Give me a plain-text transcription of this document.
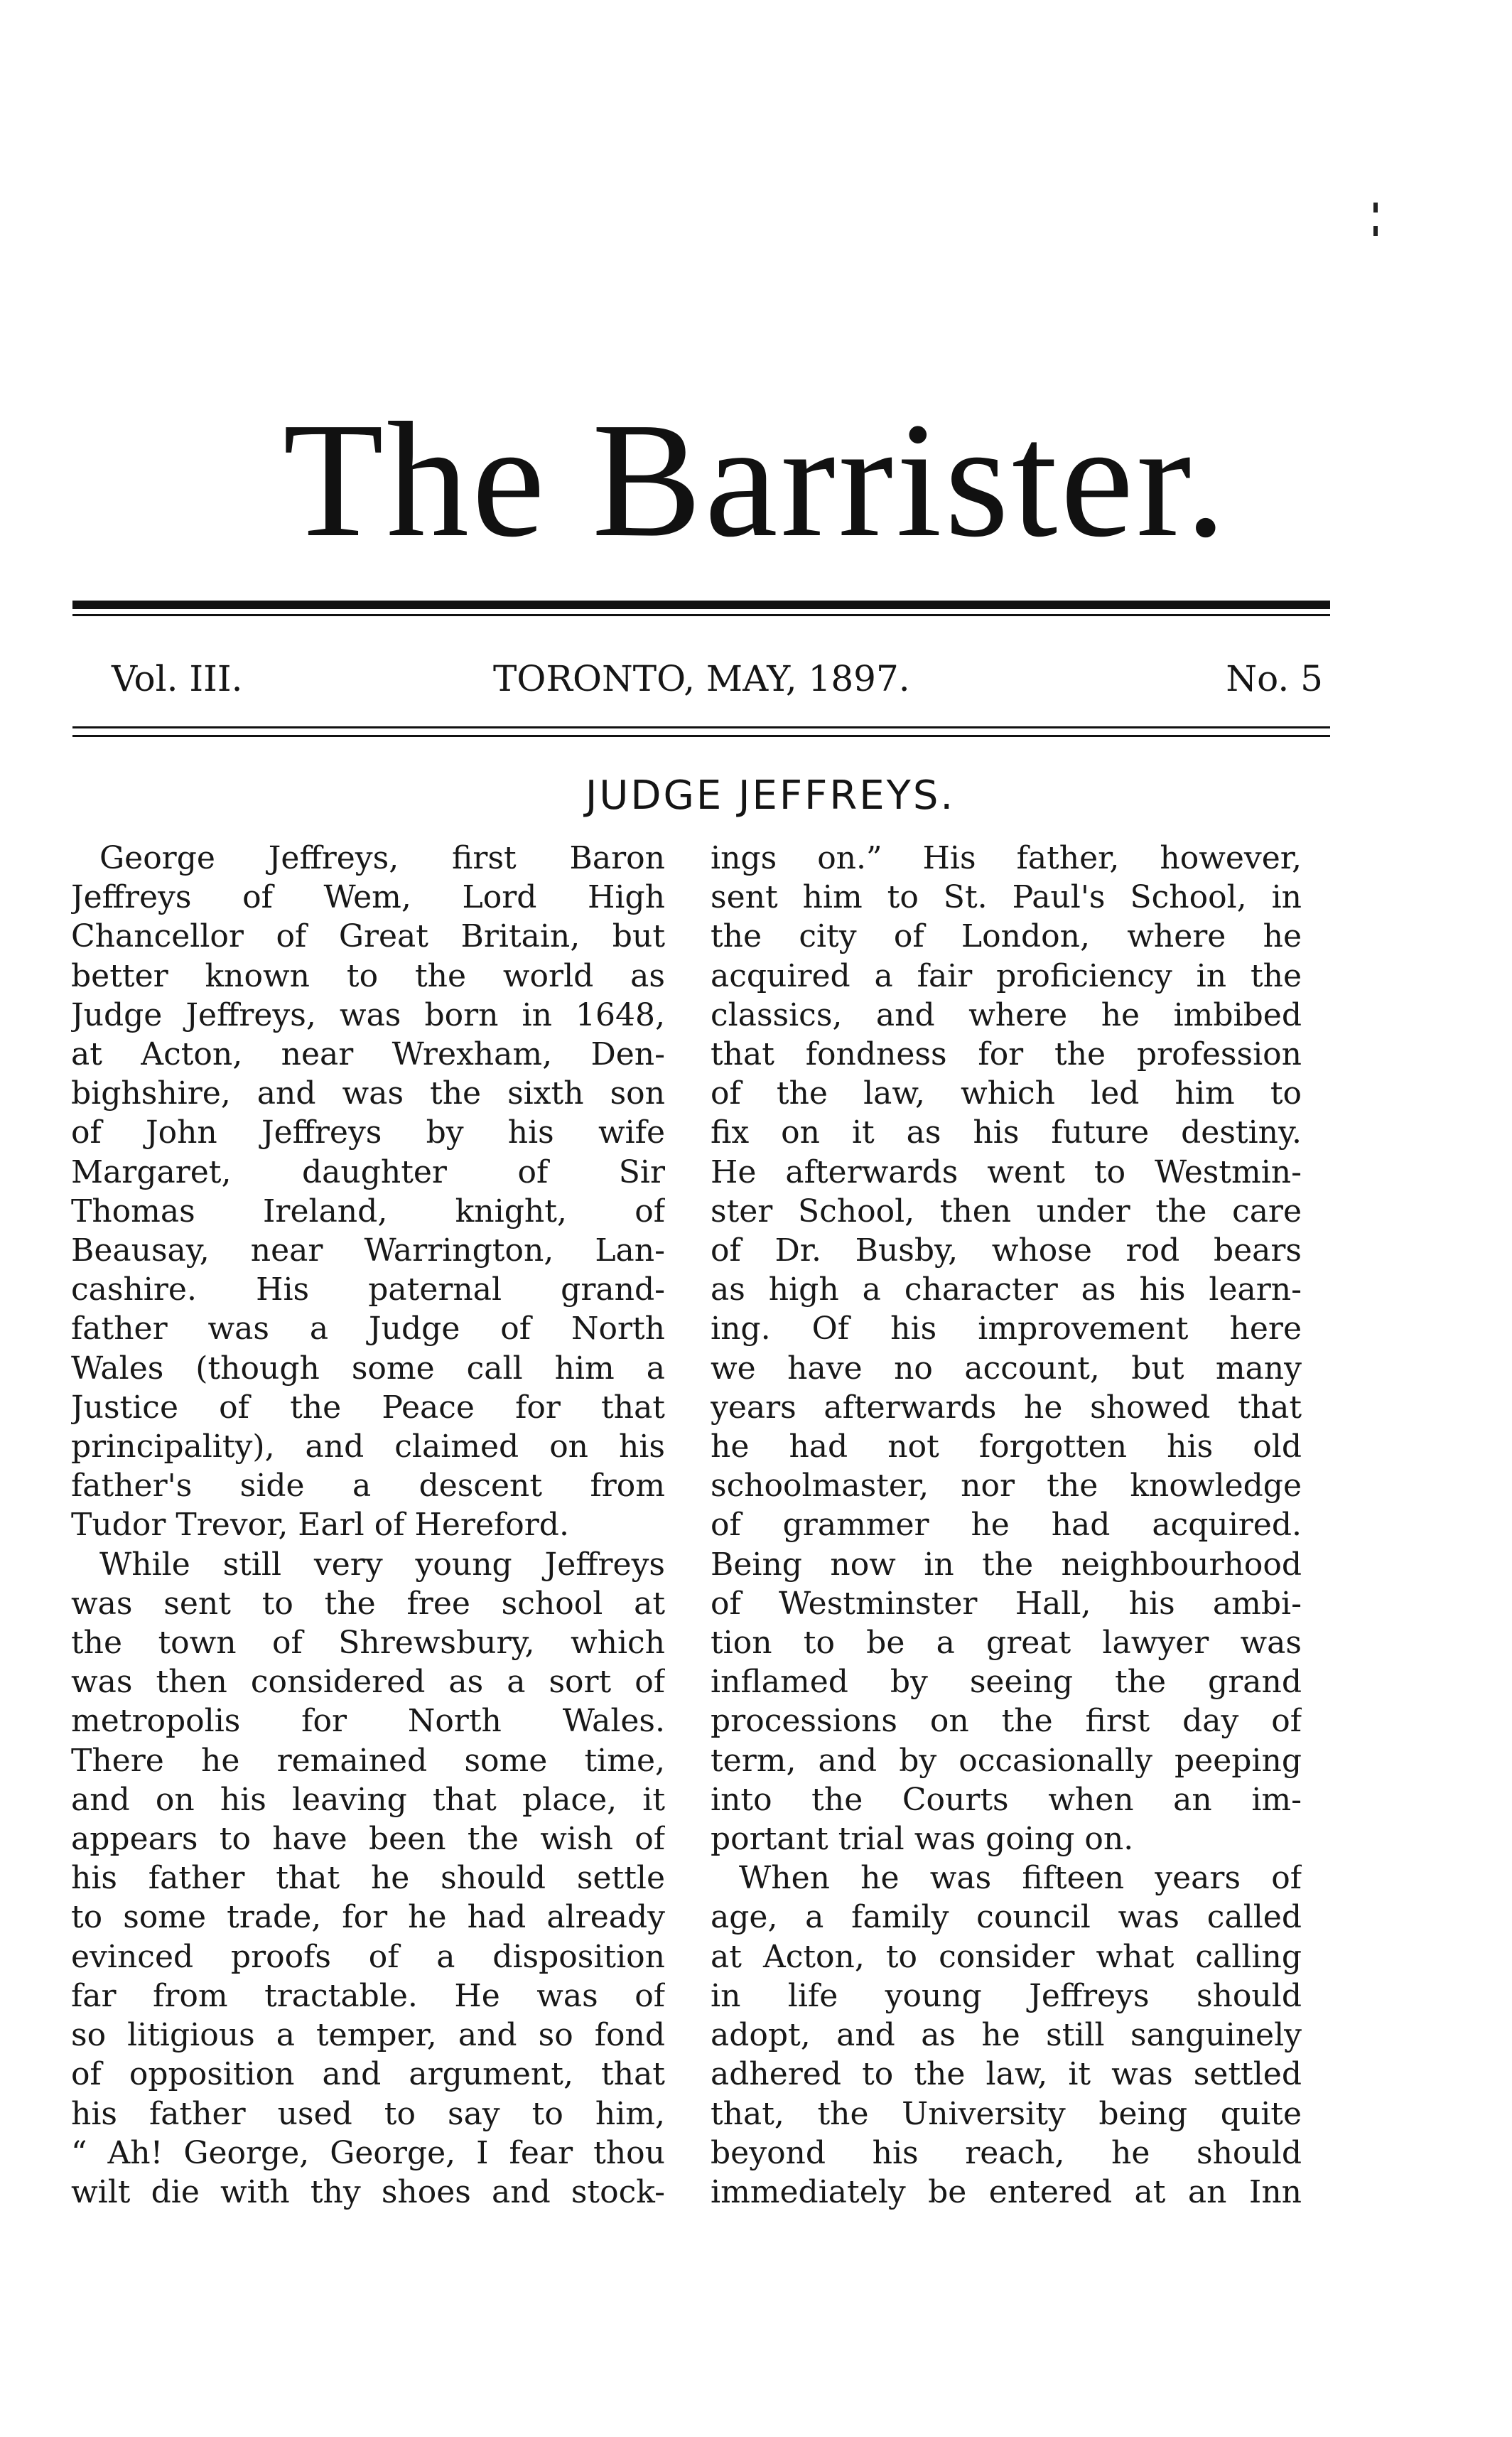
The Barrister.
Vol. III.	TORONTO, MAY, 1897.	No. 5
JUDGE JEFFREYS.
George Jeffreys, first Baron
Jeffreys of Wem, Lord High
Chancellor of Great Britain, but
better known to the world as
Judge Jeffreys, was born in 1648,
at Acton, near Wrexham, Den-
bighshire, and was the sixth son
of John Jeffreys by his wife
Margaret, daughter of Sir
Thomas Ireland, knight, of
Beausay, near Warrington, Lan-
cashire. His paternal grand-
father was a Judge of North
Wales (though some call him a
Justice of the Peace for that
principality), and claimed on his
father's side a descent from
Tudor Trevor, Earl of Hereford.
While still very young Jeffreys
was sent to the free school at
the town of Shrewsbury, which
was then considered as a sort of
metropolis for North Wales.
There he remained some time,
and on his leaving that place, it
appears to have been the wish of
his father that he should settle
to some trade, for he had already
evinced proofs of a disposition
far from tractable. He was of
so litigious a temper, and so fond
of opposition and argument, that
his father used to say to him,
“ Ah! George, George, I fear thou
wilt die with thy shoes and stock-
ings on.” His father, however,
sent him to St. Paul's School, in
the city of London, where he
acquired a fair proficiency in the
classics, and where he imbibed
that fondness for the profession
of the law, which led him to
fix on it as his future destiny.
He afterwards went to Westmin-
ster School, then under the care
of Dr. Busby, whose rod bears
as high a character as his learn-
ing. Of his improvement here
we have no account, but many
years afterwards he showed that
he had not forgotten his old
schoolmaster, nor the knowledge
of grammer he had acquired.
Being now in the neighbourhood
of Westminster Hall, his ambi-
tion to be a great lawyer was
inflamed by seeing the grand
processions on the first day of
term, and by occasionally peeping
into the Courts when an im-
portant trial was going on.
When he was fifteen years of
age, a family council was called
at Acton, to consider what calling
in life young Jeffreys should
adopt, and as he still sanguinely
adhered to the law, it was settled
that, the University being quite
beyond his reach, he should
immediately be entered at an Inn
